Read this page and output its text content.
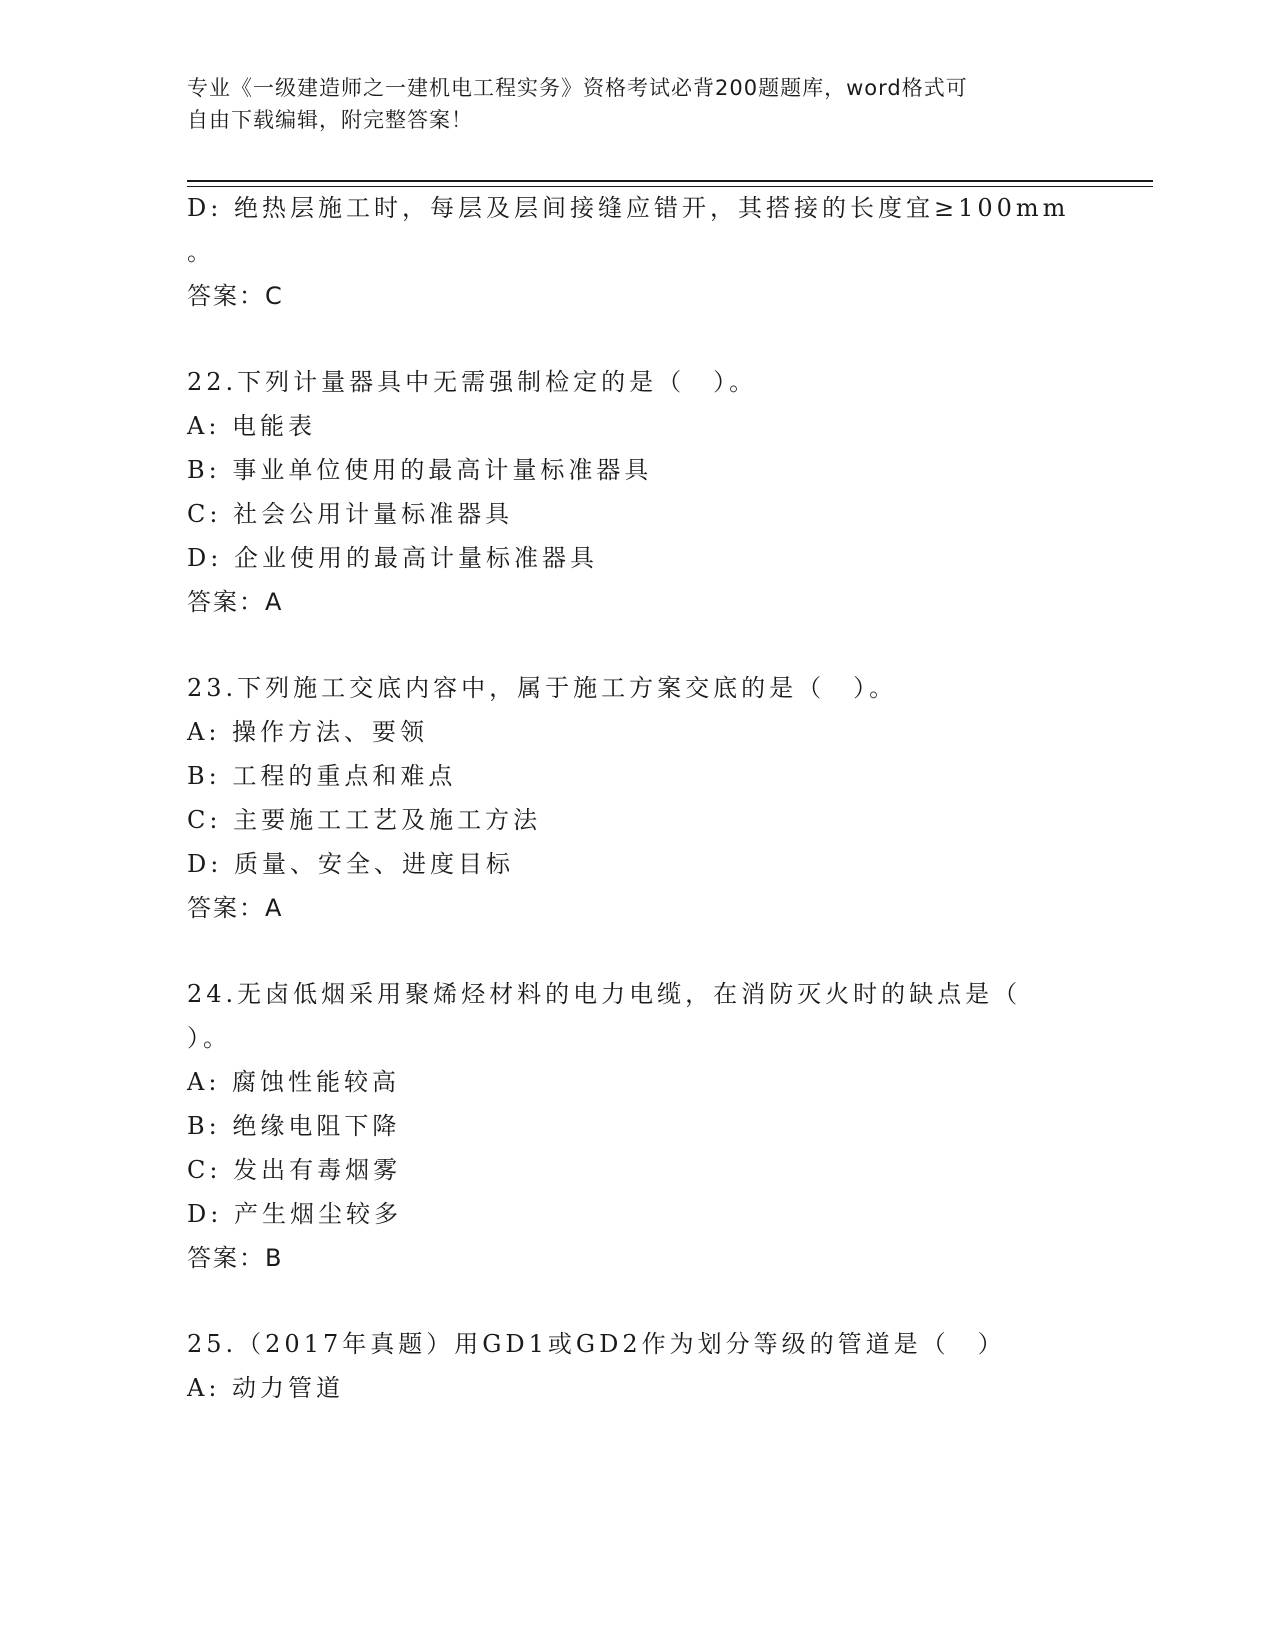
专业《一级建造师之一建机电工程实务》资格考试必背200题题库，word格式可
自由下载编辑，附完整答案！
D: 绝热层施工时，每层及层间接缝应错开，其搭接的长度宜≥100mm
。
答案：C
22.下列计量器具中无需强制检定的是（　）。
A: 电能表
B: 事业单位使用的最高计量标准器具
C: 社会公用计量标准器具
D: 企业使用的最高计量标准器具
答案：A
23.下列施工交底内容中，属于施工方案交底的是（　）。
A: 操作方法、要领
B: 工程的重点和难点
C: 主要施工工艺及施工方法
D: 质量、安全、进度目标
答案：A
24.无卤低烟采用聚烯烃材料的电力电缆，在消防灭火时的缺点是（
）。
A: 腐蚀性能较高
B: 绝缘电阻下降
C: 发出有毒烟雾
D: 产生烟尘较多
答案：B
25.（2017年真题）用GD1或GD2作为划分等级的管道是（　）
A: 动力管道
